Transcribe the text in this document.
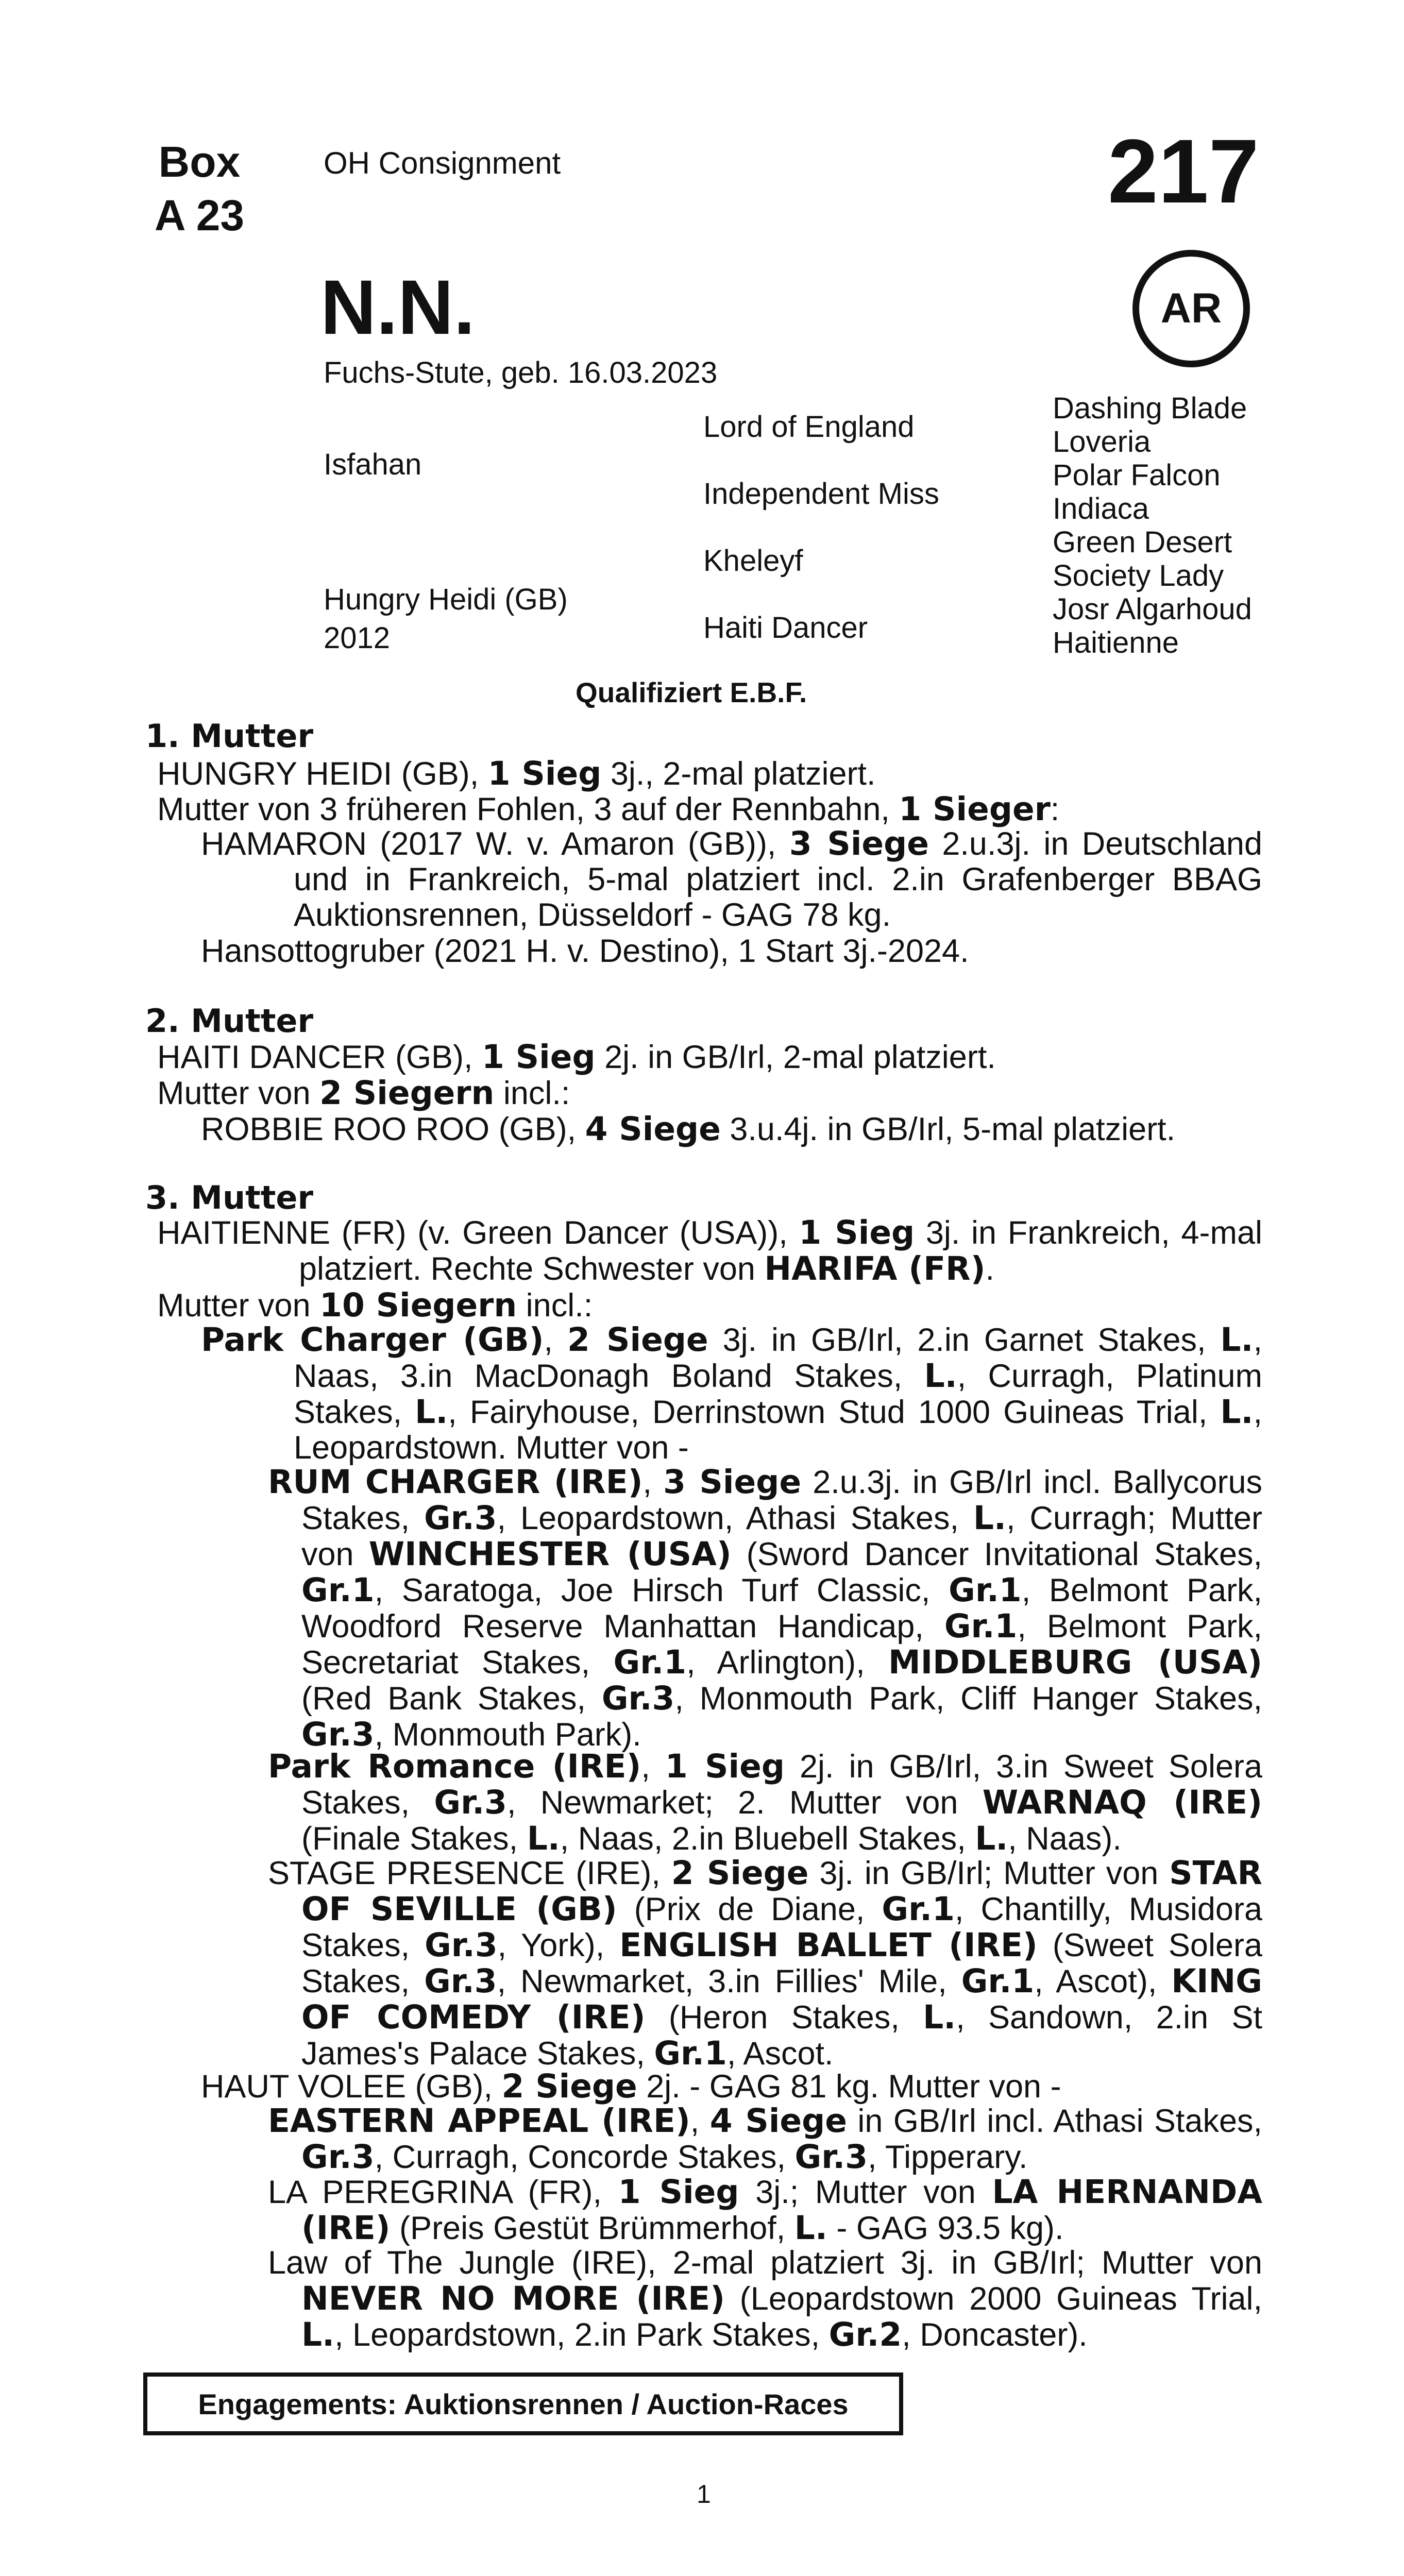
Box
A 23
OH Consignment	217
AR
N.N.
Fuchs-Stute, geb. 16.03.2023
Isfahan
Hungry Heidi (GB)
2012
Lord of England
Independent Miss
Kheleyf
Haiti Dancer
Dashing Blade
Loveria
Polar Falcon
Indiaca
Green Desert
Society Lady
Josr Algarhoud
Haitienne
Qualifiziert E.B.F.
1. Mutter
HUNGRY HEIDI (GB), 1 Sieg 3j., 2-mal platziert.
Mutter von 3 früheren Fohlen, 3 auf der Rennbahn, 1 Sieger:
HAMARON (2017 W. v. Amaron (GB)), 3 Siege 2.u.3j. in Deutschland und in Frankreich, 5-mal platziert incl. 2.in Grafenberger BBAG Auktionsrennen, Düsseldorf - GAG 78 kg.
Hansottogruber (2021 H. v. Destino), 1 Start 3j.-2024.
2. Mutter
HAITI DANCER (GB), 1 Sieg 2j. in GB/Irl, 2-mal platziert.
Mutter von 2 Siegern incl.:
ROBBIE ROO ROO (GB), 4 Siege 3.u.4j. in GB/Irl, 5-mal platziert.
3. Mutter
HAITIENNE (FR) (v. Green Dancer (USA)), 1 Sieg 3j. in Frankreich, 4-mal platziert. Rechte Schwester von HARIFA (FR).
Mutter von 10 Siegern incl.:
Park Charger (GB), 2 Siege 3j. in GB/Irl, 2.in Garnet Stakes, L., Naas, 3.in MacDonagh Boland Stakes, L., Curragh, Platinum Stakes, L., Fairyhouse, Derrinstown Stud 1000 Guineas Trial, L., Leopardstown. Mutter von -
RUM CHARGER (IRE), 3 Siege 2.u.3j. in GB/Irl incl. Ballycorus Stakes, Gr.3, Leopardstown, Athasi Stakes, L., Curragh; Mutter von WINCHESTER (USA) (Sword Dancer Invitational Stakes, Gr.1, Saratoga, Joe Hirsch Turf Classic, Gr.1, Belmont Park, Woodford Reserve Manhattan Handicap, Gr.1, Belmont Park, Secretariat Stakes, Gr.1, Arlington), MIDDLEBURG (USA) (Red Bank Stakes, Gr.3, Monmouth Park, Cliff Hanger Stakes, Gr.3, Monmouth Park).
Park Romance (IRE), 1 Sieg 2j. in GB/Irl, 3.in Sweet Solera Stakes, Gr.3, Newmarket; 2. Mutter von WARNAQ (IRE) (Finale Stakes, L., Naas, 2.in Bluebell Stakes, L., Naas).
STAGE PRESENCE (IRE), 2 Siege 3j. in GB/Irl; Mutter von STAR OF SEVILLE (GB) (Prix de Diane, Gr.1, Chantilly, Musidora Stakes, Gr.3, York), ENGLISH BALLET (IRE) (Sweet Solera Stakes, Gr.3, Newmarket, 3.in Fillies' Mile, Gr.1, Ascot), KING OF COMEDY (IRE) (Heron Stakes, L., Sandown, 2.in St James's Palace Stakes, Gr.1, Ascot.
HAUT VOLEE (GB), 2 Siege 2j. - GAG 81 kg. Mutter von -
EASTERN APPEAL (IRE), 4 Siege in GB/Irl incl. Athasi Stakes, Gr.3, Curragh, Concorde Stakes, Gr.3, Tipperary.
LA PEREGRINA (FR), 1 Sieg 3j.; Mutter von LA HERNANDA (IRE) (Preis Gestüt Brümmerhof, L. - GAG 93.5 kg).
Law of The Jungle (IRE), 2-mal platziert 3j. in GB/Irl; Mutter von NEVER NO MORE (IRE) (Leopardstown 2000 Guineas Trial, L., Leopardstown, 2.in Park Stakes, Gr.2, Doncaster).
Engagements: Auktionsrennen / Auction-Races
1
